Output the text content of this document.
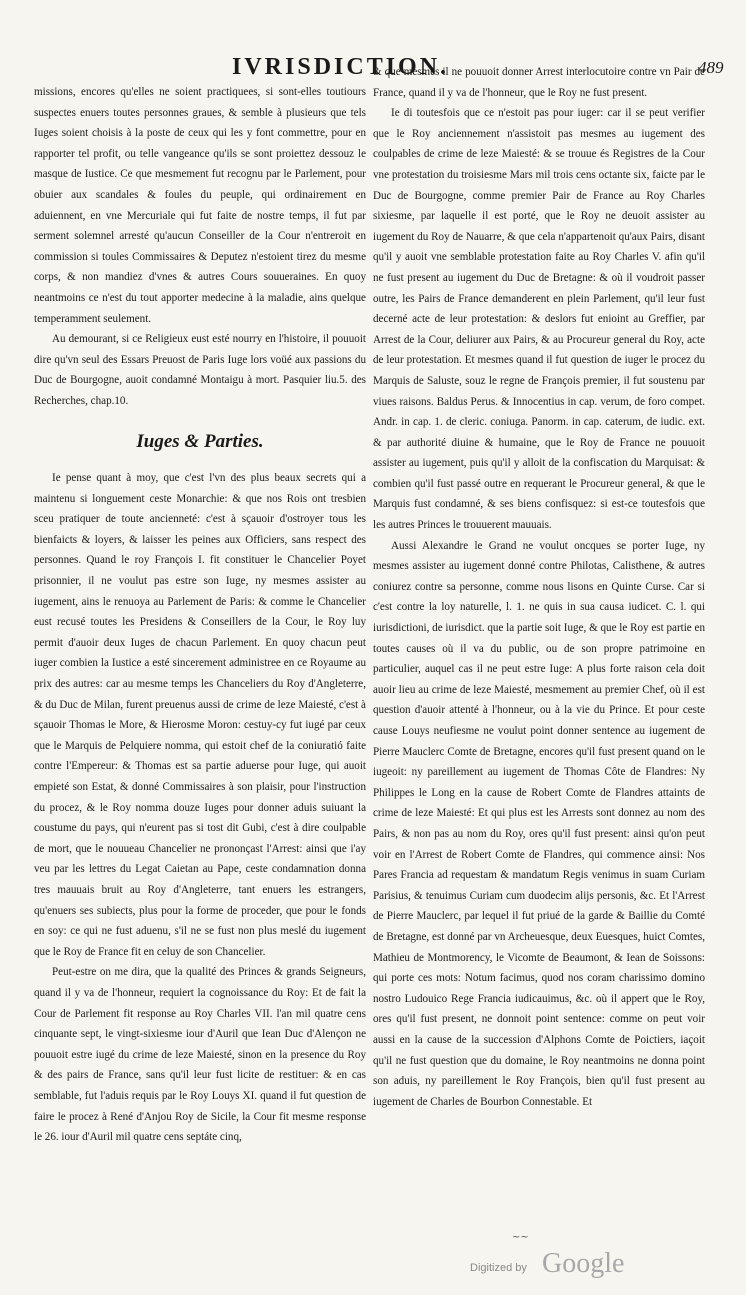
IVRISDICTION.	489

missions, encores qu'elles ne soient practiquees, si sont-elles toutiours suspectes enuers toutes personnes graues, & semble à plusieurs que tels Iuges soient choisis à la poste de ceux qui les y font commettre, pour en rapporter tel profit, ou telle vangeance qu'ils se sont proiettez dessouz le masque de Iustice. Ce que mesmement fut recognu par le Parlement, pour obuier aux scandales & foules du peuple, qui ordinairement en aduiennent, en vne Mercuriale qui fut faite de nostre temps, il fut par serment solemnel arresté qu'aucun Conseiller de la Cour n'entreroit en commission si toules Commissaires & Deputez n'estoient tirez du mesme corps, & non mandiez d'vnes & autres Cours souueraines. En quoy neantmoins ce n'est du tout apporter medecine à la maladie, ains quelque temperamment seulement.

Au demourant, si ce Religieux eust esté nourry en l'histoire, il pouuoit dire qu'vn seul des Essars Preuost de Paris Iuge lors voüé aux passions du Duc de Bourgogne, auoit condamné Montaigu à mort. Pasquier liu.5. des Recherches, chap.10.

Iuges & Parties.

Ie pense quant à moy, que c'est l'vn des plus beaux secrets qui a maintenu si longuement ceste Monarchie: & que nos Rois ont tresbien sceu pratiquer de toute ancienneté: c'est à sçauoir d'ostroyer tous les bienfaicts & loyers, & laisser les peines aux Officiers, sans respect des personnes. Quand le roy François I. fit constituer le Chancelier Poyet prisonnier, il ne voulut pas estre son Iuge, ny mesmes assister au iugement, ains le renuoya au Parlement de Paris: & comme le Chancelier eust recusé toutes les Presidens & Conseillers de la Cour, le Roy luy permit d'auoir deux Iuges de chacun Parlement. En quoy chacun peut iuger combien la Iustice a esté sincerement administree en ce Royaume au prix des autres: car au mesme temps les Chanceliers du Roy d'Angleterre, & du Duc de Milan, furent preuenus aussi de crime de leze Maiesté, c'est à sçauoir Thomas le More, & Hierosme Moron: cestuy-cy fut iugé par ceux que le Marquis de Pelquiere nomma, qui estoit chef de la coniuratió faite contre l'Empereur: & Thomas est sa partie aduerse pour Iuge, qui auoit empieté son Estat, & donné Commissaires à son plaisir, pour l'instruction du procez, & le Roy nomma douze Iuges pour donner aduis suiuant la coustume du pays, qui n'eurent pas si tost dit Gubi, c'est à dire coulpable de mort, que le nouueau Chancelier ne prononçast l'Arrest: ainsi que i'ay veu par les lettres du Legat Caietan au Pape, ceste condamnation donna tres mauuais bruit au Roy d'Angleterre, tant enuers les estrangers, qu'enuers ses subiects, plus pour la forme de proceder, que pour le fonds en soy: ce qui ne fust aduenu, s'il ne se fust non plus meslé du iugement que le Roy de France fit en celuy de son Chancelier.

Peut-estre on me dira, que la qualité des Princes & grands Seigneurs, quand il y va de l'honneur, requiert la cognoissance du Roy: Et de fait la Cour de Parlement fit response au Roy Charles VII. l'an mil quatre cens cinquante sept, le vingt-sixiesme iour d'Auril que Iean Duc d'Alençon ne pouuoit estre iugé du crime de leze Maiesté, sinon en la presence du Roy & des pairs de France, sans qu'il leur fust licite de restituer: & en cas semblable, fut l'aduis requis par le Roy Louys XI. quand il fut question de faire le procez à René d'Anjou Roy de Sicile, la Cour fit mesme response le 26. iour d'Auril mil quatre cens septáte cinq,

& que mesmes il ne pouuoit donner Arrest interlocutoire contre vn Pair de France, quand il y va de l'honneur, que le Roy ne fust present.

Ie di toutesfois que ce n'estoit pas pour iuger: car il se peut verifier que le Roy anciennement n'assistoit pas mesmes au iugement des coulpables de crime de leze Maiesté: & se trouue és Registres de la Cour vne protestation du troisiesme Mars mil trois cens octante six, faicte par le Duc de Bourgogne, comme premier Pair de France au Roy Charles sixiesme, par laquelle il est porté, que le Roy ne deuoit assister au iugement du Roy de Nauarre, & que cela n'appartenoit qu'aux Pairs, disant qu'il y auoit vne semblable protestation faite au Roy Charles V. afin qu'il ne fust present au iugement du Duc de Bretagne: & où il voudroit passer outre, les Pairs de France demanderent en plein Parlement, qu'il leur fust decerné acte de leur protestation: & deslors fut enioint au Greffier, par Arrest de la Cour, deliurer aux Pairs, & au Procureur general du Roy, acte de leur protestation. Et mesmes quand il fut question de iuger le procez du Marquis de Saluste, souz le regne de François premier, il fut soustenu par viues raisons. Baldus Perus. & Innocentius in cap. verum, de foro compet. Andr. in cap. 1. de cleric. coniuga. Panorm. in cap. caterum, de iudic. ext. & par authorité diuine & humaine, que le Roy de France ne pouuoit assister au iugement, puis qu'il y alloit de la confiscation du Marquisat: & combien qu'il fust passé outre en requerant le Procureur general, & que le Marquis fust condamné, & ses biens confisquez: si est-ce toutesfois que les autres Princes le trouuerent mauuais.

Aussi Alexandre le Grand ne voulut oncques se porter Iuge, ny mesmes assister au iugement donné contre Philotas, Calisthene, & autres coniurez contre sa personne, comme nous lisons en Quinte Curse. Car si c'est contre la loy naturelle, l. 1. ne quis in sua causa iudicet. C. l. qui iurisdictioni, de iurisdict. que la partie soit Iuge, & que le Roy est partie en toutes causes où il va du public, ou de son propre patrimoine en particulier, auquel cas il ne peut estre Iuge: A plus forte raison cela doit auoir lieu au crime de leze Maiesté, mesmement au premier Chef, où il est question d'auoir attenté à l'honneur, ou à la vie du Prince. Et pour ceste cause Louys neufiesme ne voulut point donner sentence au iugement de Pierre Mauclerc Comte de Bretagne, encores qu'il fust present quand on le iugeoit: ny pareillement au iugement de Thomas Côte de Flandres: Ny Philippes le Long en la cause de Robert Comte de Flandres attaints de crime de leze Maiesté: Et qui plus est les Arrests sont donnez au nom des Pairs, & non pas au nom du Roy, ores qu'il fust present: ainsi qu'on peut voir en l'Arrest de Robert Comte de Flandres, qui commence ainsi: Nos Pares Francia ad requestam & mandatum Regis venimus in suam Curiam Parisius, & tenuimus Curiam cum duodecim alijs personis, &c. Et l'Arrest de Pierre Mauclerc, par lequel il fut priué de la garde & Baillie du Comté de Bretagne, est donné par vn Archeuesque, deux Euesques, huict Comtes, Mathieu de Montmorency, le Vicomte de Beaumont, & Iean de Soissons: qui porte ces mots: Notum facimus, quod nos coram charissimo domino nostro Ludouico Rege Francia iudicauimus, &c. où il appert que le Roy, ores qu'il fust present, ne donnoit point sentence: comme on peut voir aussi en la cause de la succession d'Alphons Comte de Poictiers, iaçoit qu'il ne fust question que du domaine, le Roy neantmoins ne donna point son aduis, ny pareillement le Roy François, bien qu'il fust present au iugement de Charles de Bourbon Connestable. Et

~~
Digitized by Google
